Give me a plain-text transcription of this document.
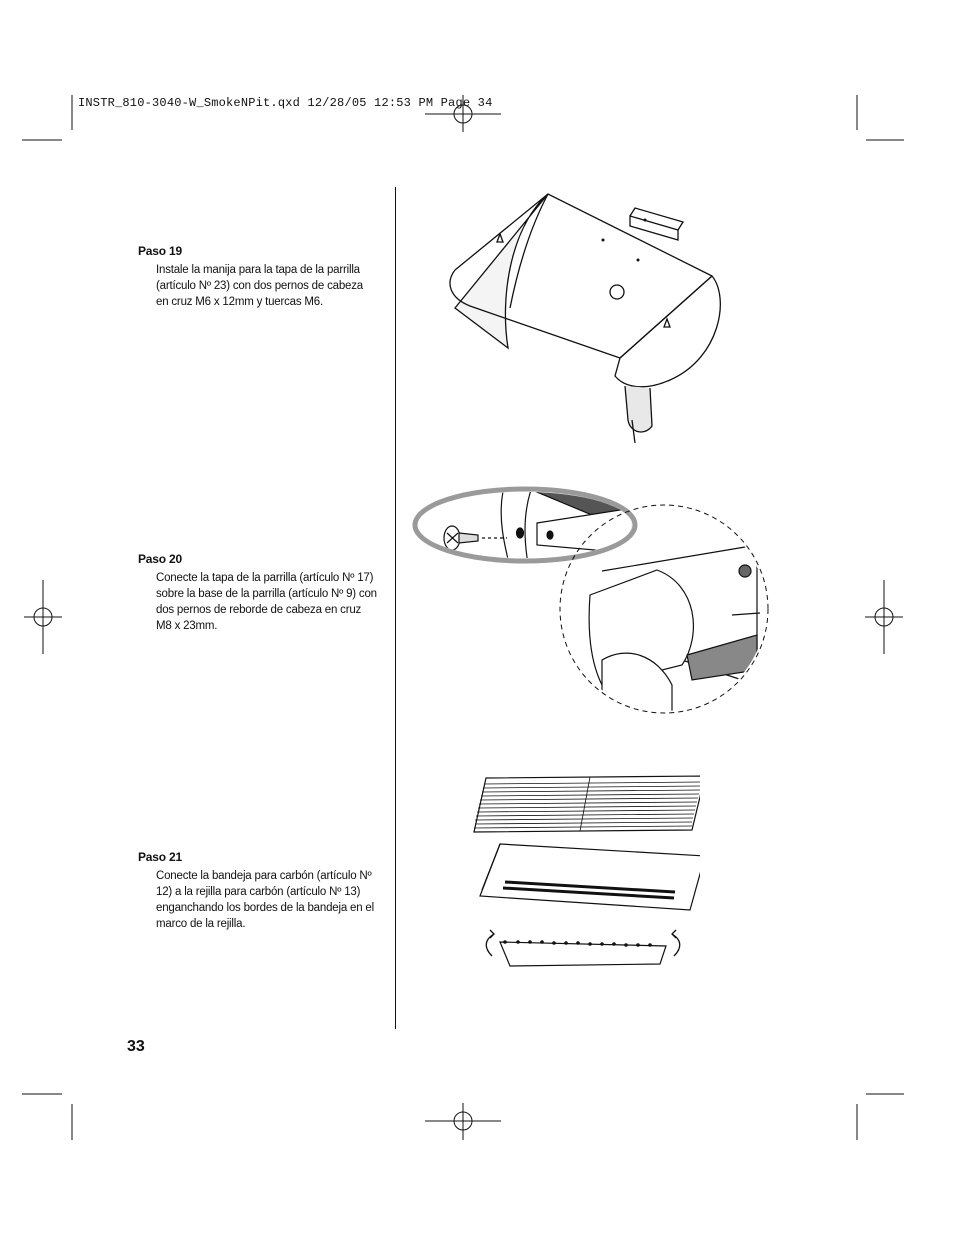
INSTR_810-3040-W_SmokeNPit.qxd 12/28/05 12:53 PM Page 34
Paso 19

Instale la manija para la tapa de la parrilla (artículo Nº 23) con dos pernos de cabeza en cruz M6 x 12mm y tuercas M6.

Paso 20

Conecte la tapa de la parrilla (artículo Nº 17) sobre la base de la parrilla (artículo Nº 9) con dos pernos de reborde de cabeza en cruz M8 x 23mm.

Paso 21

Conecte la bandeja para carbón (artículo Nº 12) a la rejilla para carbón (artículo Nº 13) enganchando los bordes de la bandeja en el marco de la rejilla.

33
